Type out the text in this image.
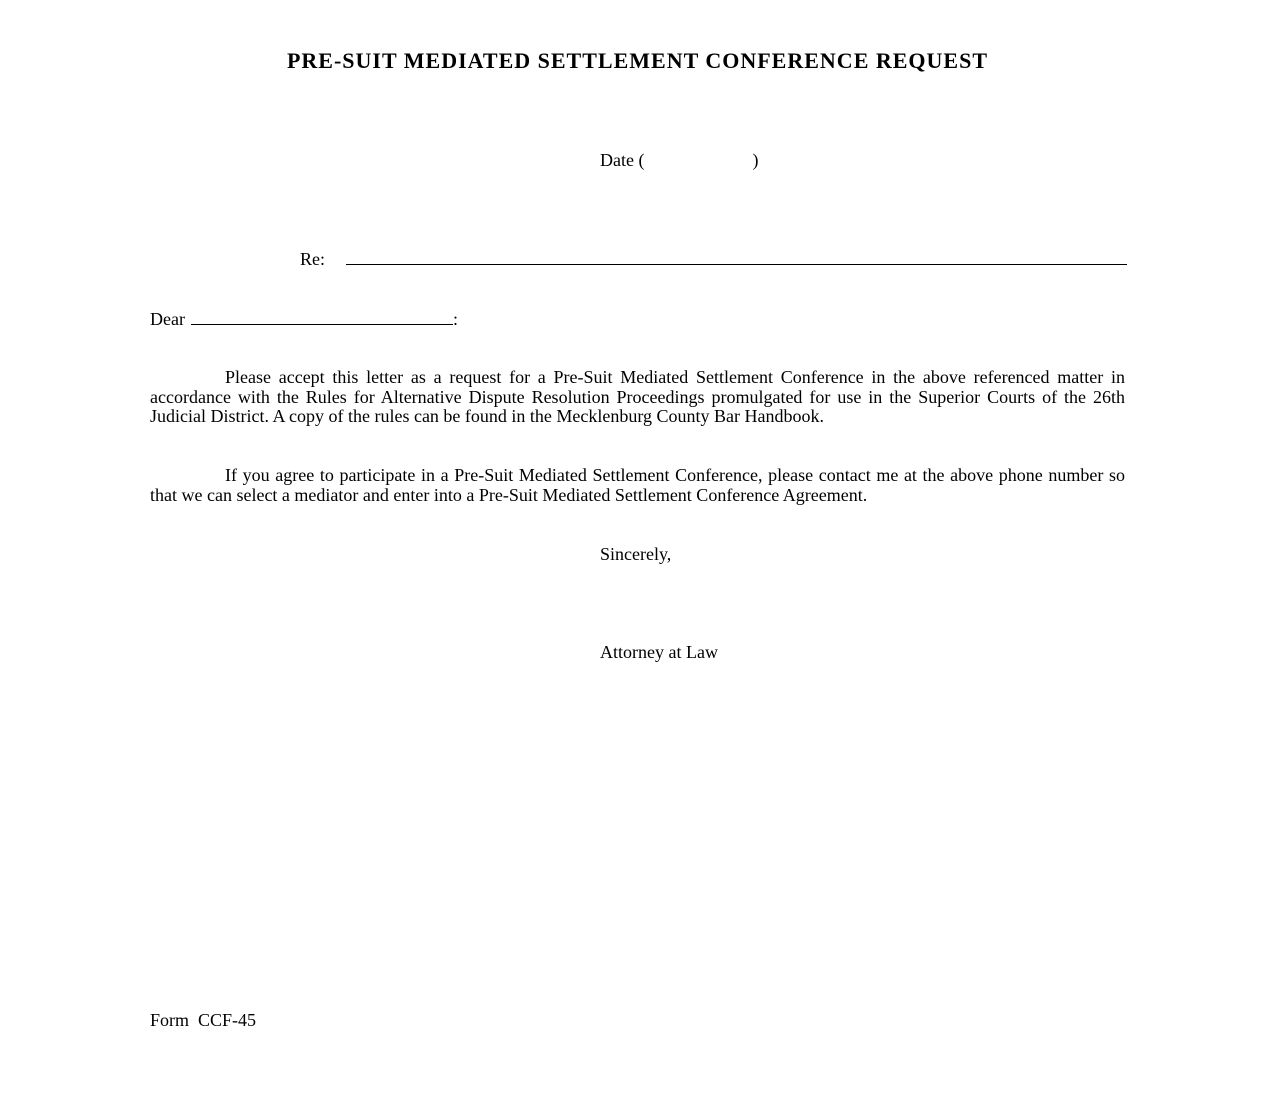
PRE-SUIT MEDIATED SETTLEMENT CONFERENCE REQUEST
Date (	)
Re:
Dear	:
Please accept this letter as a request for a Pre-Suit Mediated Settlement Conference in the above referenced matter in accordance with the Rules for Alternative Dispute Resolution Proceedings promulgated for use in the Superior Courts of the 26th Judicial District. A copy of the rules can be found in the Mecklenburg County Bar Handbook.
If you agree to participate in a Pre-Suit Mediated Settlement Conference, please contact me at the above phone number so that we can select a mediator and enter into a Pre-Suit Mediated Settlement Conference Agreement.
Sincerely,
Attorney at Law
Form  CCF-45
